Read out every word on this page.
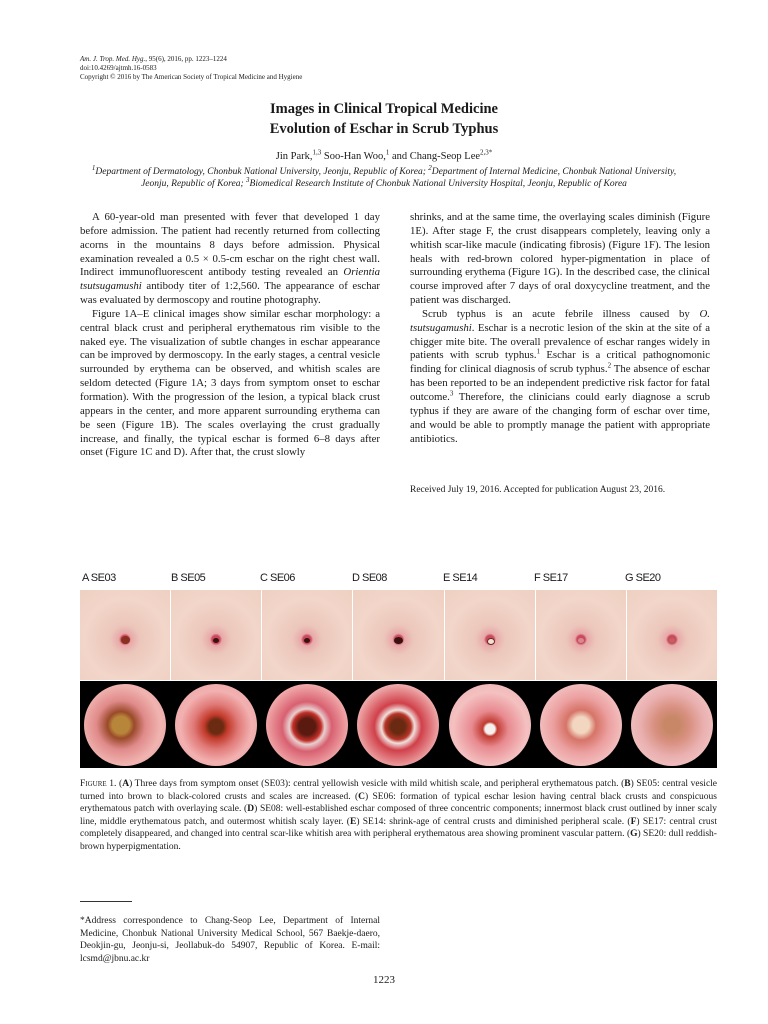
Am. J. Trop. Med. Hyg., 95(6), 2016, pp. 1223–1224
doi:10.4269/ajtmh.16-0583
Copyright © 2016 by The American Society of Tropical Medicine and Hygiene
Images in Clinical Tropical Medicine
Evolution of Eschar in Scrub Typhus
Jin Park,$^{1,3}$ Soo-Han Woo,$^1$ and Chang-Seop Lee$^{2,3*}$
$^1$Department of Dermatology, Chonbuk National University, Jeonju, Republic of Korea; $^2$Department of Internal Medicine, Chonbuk National University, Jeonju, Republic of Korea; $^3$Biomedical Research Institute of Chonbuk National University Hospital, Jeonju, Republic of Korea

A 60-year-old man presented with fever that developed 1 day before admission. The patient had recently returned from collecting acorns in the mountains 8 days before admission. Physical examination revealed a 0.5 × 0.5-cm eschar on the right chest wall. Indirect immunofluorescent antibody testing revealed an Orientia tsutsugamushi antibody titer of 1:2,560. The appearance of eschar was evaluated by dermoscopy and routine photography.

Figure 1A–E clinical images show similar eschar morphology: a central black crust and peripheral erythematous rim visible to the naked eye. The visualization of subtle changes in eschar appearance can be improved by dermoscopy. In the early stages, a central vesicle surrounded by erythema can be observed, and whitish scales are seldom detected (Figure 1A; 3 days from symptom onset to eschar formation). With the progression of the lesion, a typical black crust appears in the center, and more apparent surrounding erythema can be seen (Figure 1B). The scales overlaying the crust gradually increase, and finally, the typical eschar is formed 6–8 days after onset (Figure 1C and D). After that, the crust slowly

shrinks, and at the same time, the overlaying scales diminish (Figure 1E). After stage F, the crust disappears completely, leaving only a whitish scar-like macule (indicating fibrosis) (Figure 1F). The lesion heals with red-brown colored hyper-pigmentation in place of surrounding erythema (Figure 1G). In the described case, the clinical course improved after 7 days of oral doxycycline treatment, and the patient was discharged.

Scrub typhus is an acute febrile illness caused by O. tsutsugamushi. Eschar is a necrotic lesion of the skin at the site of a chigger mite bite. The overall prevalence of eschar ranges widely in patients with scrub typhus.$^1$ Eschar is a critical pathognomonic finding for clinical diagnosis of scrub typhus.$^2$ The absence of eschar has been reported to be an independent predictive risk factor for fatal outcome.$^3$ Therefore, the clinicians could early diagnose a scrub typhus if they are aware of the changing form of eschar over time, and would be able to promptly manage the patient with appropriate antibiotics.

Received July 19, 2016. Accepted for publication August 23, 2016.
A SE03	B SE05	C SE06	D SE08	E SE14	F SE17	G SE20
Figure 1. (A) Three days from symptom onset (SE03): central yellowish vesicle with mild whitish scale, and peripheral erythematous patch. (B) SE05: central vesicle turned into brown to black-colored crusts and scales are increased. (C) SE06: formation of typical eschar lesion having central black crusts and conspicuous erythematous patch with overlaying scale. (D) SE08: well-established eschar composed of three concentric components; innermost black crust outlined by inner scaly line, middle erythematous patch, and outermost whitish scaly layer. (E) SE14: shrink-age of central crusts and diminished peripheral scale. (F) SE17: central crust completely disappeared, and changed into central scar-like whitish area with peripheral erythematous area showing prominent vascular pattern. (G) SE20: dull reddish-brown hyperpigmentation.
*Address correspondence to Chang-Seop Lee, Department of Internal Medicine, Chonbuk National University Medical School, 567 Baekje-daero, Deokjin-gu, Jeonju-si, Jeollabuk-do 54907, Republic of Korea. E-mail: lcsmd@jbnu.ac.kr
1223
